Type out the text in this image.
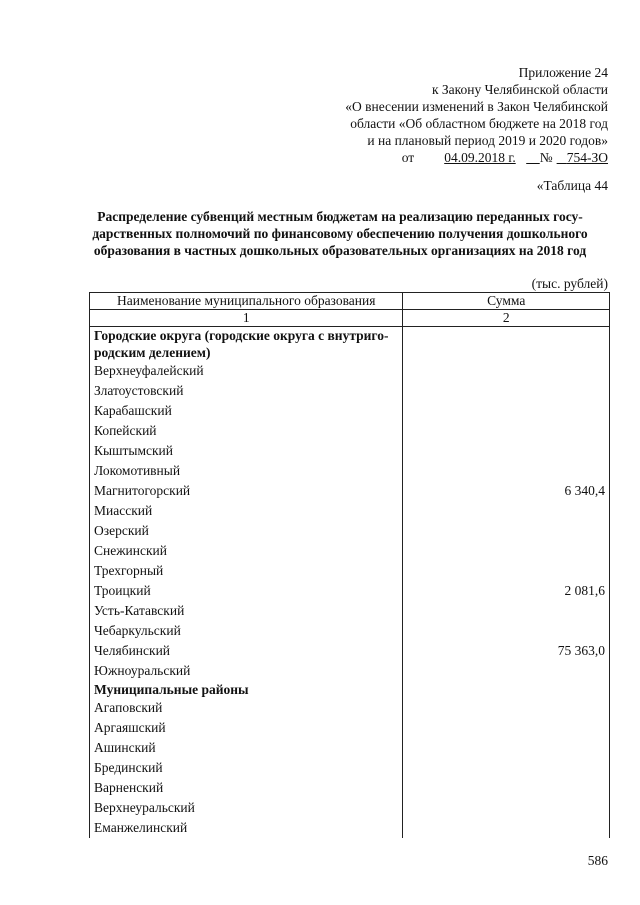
Приложение 24
к Закону Челябинской области
«О внесении изменений в Закон Челябинской
области «Об областном бюджете на 2018 год
и на плановый период 2019 и 2020 годов»
от 04.09.2018 г.
№
754-ЗО
«Таблица 44
Распределение субвенций местным бюджетам на реализацию переданных госу-
дарственных полномочий по финансовому обеспечению получения дошкольного
образования в частных дошкольных образовательных организациях на 2018 год
(тыс. рублей)
Наименование муниципального образования	Сумма
1	2

Городские округа (городские округа с внутриго-
родским делением)	

Верхнеуфалейский	
Златоустовский	
Карабашский	
Копейский	
Кыштымский	
Локомотивный	
Магнитогорский	6 340,4
Миасский	
Озерский	
Снежинский	
Трехгорный	
Троицкий	2 081,6
Усть-Катавский	
Чебаркульский	
Челябинский	75 363,0
Южноуральский	

Муниципальные районы	

Агаповский	
Аргаяшский	
Ашинский	
Брединский	
Варненский	
Верхнеуральский	
Еманжелинский	
586
